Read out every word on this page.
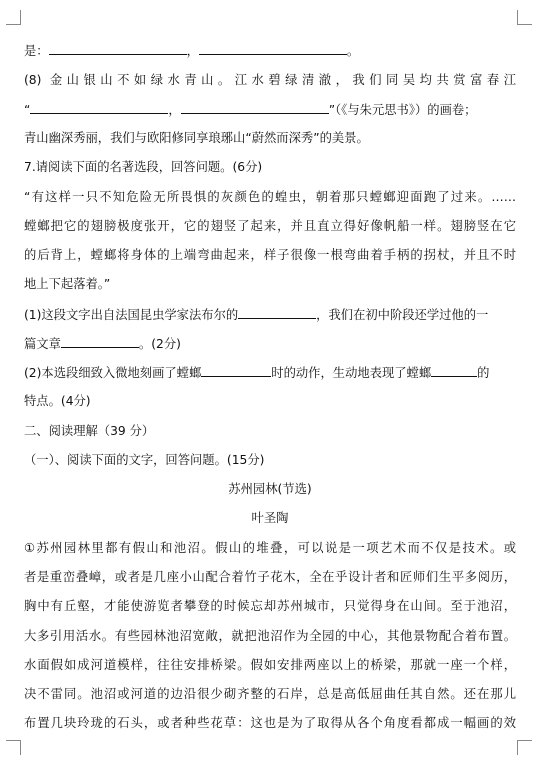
是：	，	。
(8) 金山银山不如绿水青山。江水碧绿清澈，我们同吴均共赏富春江
“	，	”（《与朱元思书》）的画卷；
青山幽深秀丽，我们与欧阳修同享琅琊山“蔚然而深秀”的美景。
7.请阅读下面的名著选段，回答问题。(6分)
“有这样一只不知危险无所畏惧的灰颜色的蝗虫，朝着那只螳螂迎面跑了过来。……
螳螂把它的翅膀极度张开，它的翅竖了起来，并且直立得好像帆船一样。翅膀竖在它
的后背上，螳螂将身体的上端弯曲起来，样子很像一根弯曲着手柄的拐杖，并且不时
地上下起落着。”
(1)这段文字出自法国昆虫学家法布尔的	，我们在初中阶段还学过他的一
篇文章	。(2分)
(2)本选段细致入微地刻画了螳螂	时的动作，生动地表现了螳螂	的
特点。(4分)
二、阅读理解（39 分）
（一）、阅读下面的文字，回答问题。(15分)
苏州园林(节选)
叶圣陶
①苏州园林里都有假山和池沼。假山的堆叠，可以说是一项艺术而不仅是技术。或
者是重峦叠嶂，或者是几座小山配合着竹子花木，全在乎设计者和匠师们生平多阅历，
胸中有丘壑，才能使游览者攀登的时候忘却苏州城市，只觉得身在山间。至于池沼，
大多引用活水。有些园林池沼宽敞，就把池沼作为全园的中心，其他景物配合着布置。
水面假如成河道模样，往往安排桥梁。假如安排两座以上的桥梁，那就一座一个样，
决不雷同。池沼或河道的边沿很少砌齐整的石岸，总是高低屈曲任其自然。还在那儿
布置几块玲珑的石头，或者种些花草：这也是为了取得从各个角度看都成一幅画的效
